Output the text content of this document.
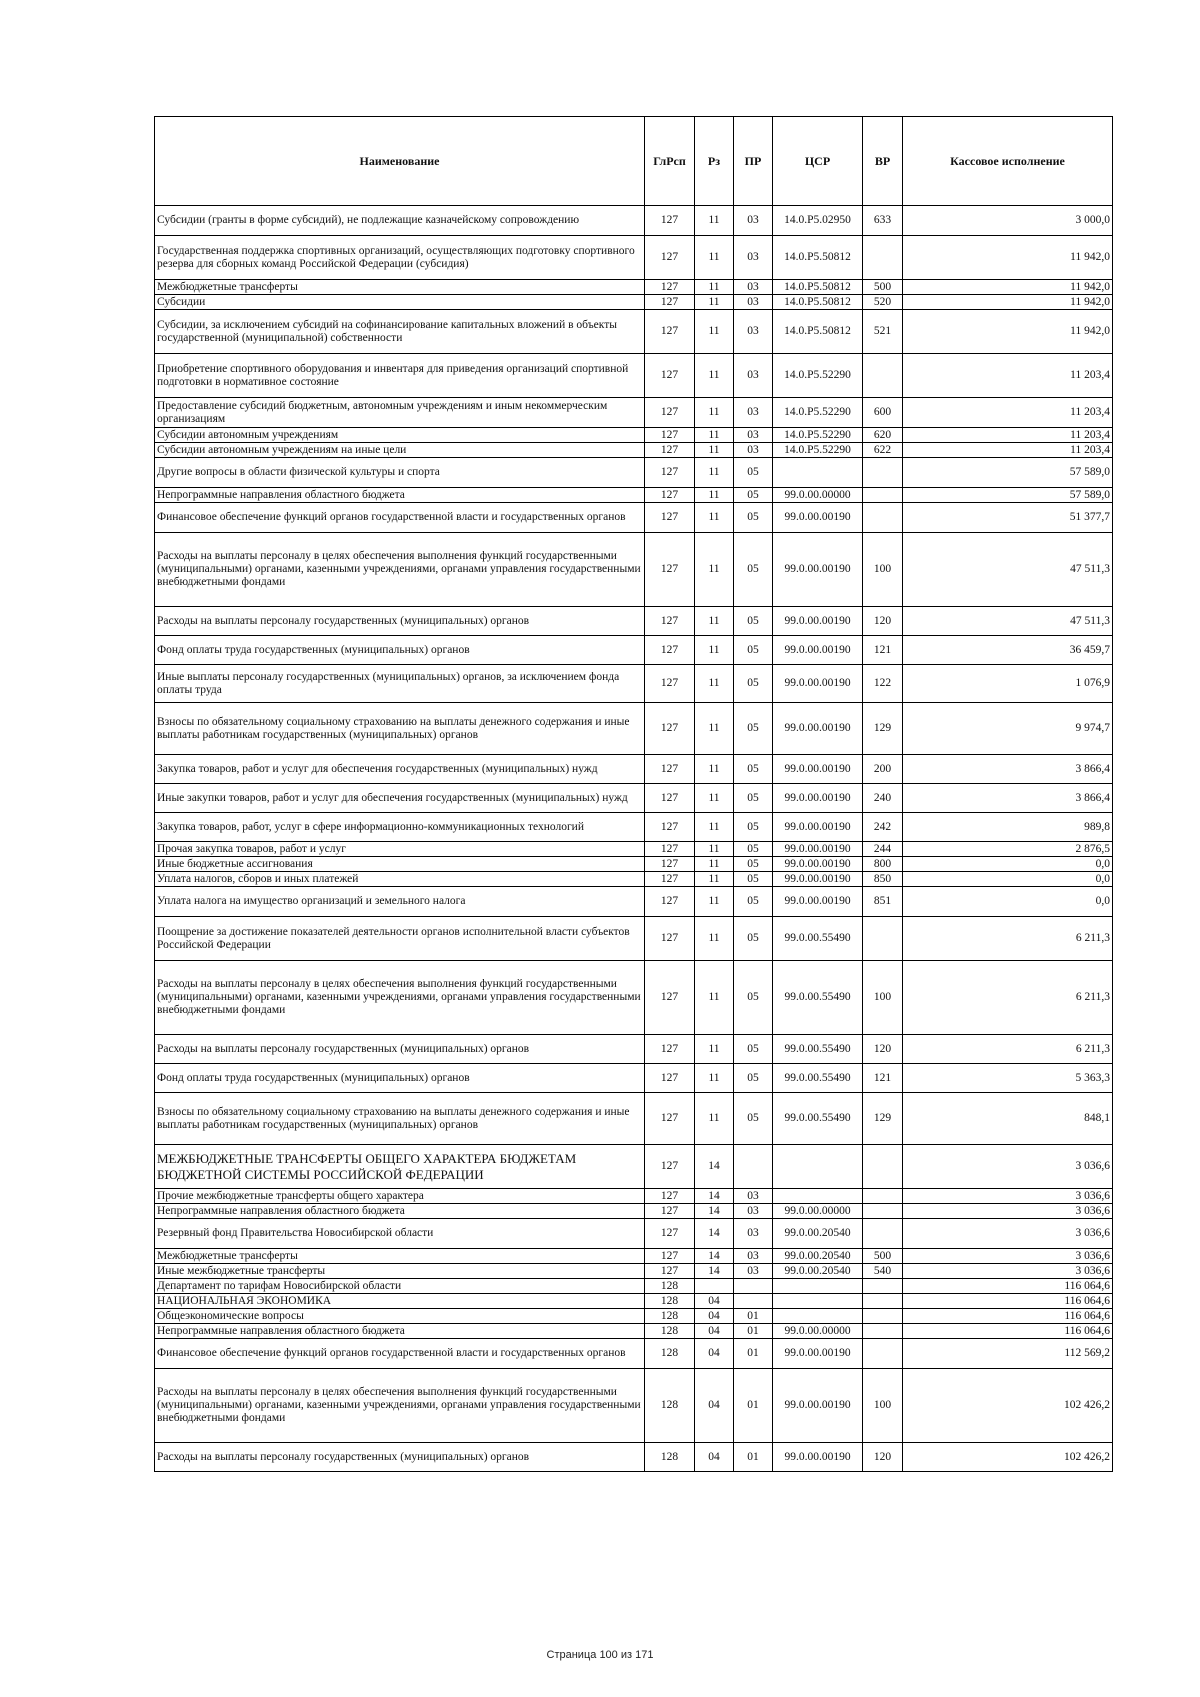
Наименование	ГлРсп	Рз	ПР	ЦСР	ВР	Кассовое исполнение
Субсидии (гранты в форме субсидий), не подлежащие казначейскому сопровождению	127	11	03	14.0.P5.02950	633	3 000,0
Государственная поддержка спортивных организаций, осуществляющих подготовку спортивного резерва для сборных команд Российской Федерации (субсидия)	127	11	03	14.0.P5.50812		11 942,0
Межбюджетные трансферты	127	11	03	14.0.P5.50812	500	11 942,0
Субсидии	127	11	03	14.0.P5.50812	520	11 942,0
Субсидии, за исключением субсидий на софинансирование капитальных вложений в объекты государственной (муниципальной) собственности	127	11	03	14.0.P5.50812	521	11 942,0
Приобретение спортивного оборудования и инвентаря для приведения организаций спортивной подготовки в нормативное состояние	127	11	03	14.0.P5.52290		11 203,4
Предоставление субсидий бюджетным, автономным учреждениям и иным некоммерческим организациям	127	11	03	14.0.P5.52290	600	11 203,4
Субсидии автономным учреждениям	127	11	03	14.0.P5.52290	620	11 203,4
Субсидии автономным учреждениям на иные цели	127	11	03	14.0.P5.52290	622	11 203,4
Другие вопросы в области физической культуры и спорта	127	11	05			57 589,0
Непрограммные направления областного бюджета	127	11	05	99.0.00.00000		57 589,0
Финансовое обеспечение функций органов государственной власти и государственных органов	127	11	05	99.0.00.00190		51 377,7
Расходы на выплаты персоналу в целях обеспечения выполнения функций государственными (муниципальными) органами, казенными учреждениями, органами управления государственными внебюджетными фондами	127	11	05	99.0.00.00190	100	47 511,3
Расходы на выплаты персоналу государственных (муниципальных) органов	127	11	05	99.0.00.00190	120	47 511,3
Фонд оплаты труда государственных (муниципальных) органов	127	11	05	99.0.00.00190	121	36 459,7
Иные выплаты персоналу государственных (муниципальных) органов, за исключением фонда оплаты труда	127	11	05	99.0.00.00190	122	1 076,9
Взносы по обязательному социальному страхованию на выплаты денежного содержания и иные выплаты работникам государственных (муниципальных) органов	127	11	05	99.0.00.00190	129	9 974,7
Закупка товаров, работ и услуг для обеспечения государственных (муниципальных) нужд	127	11	05	99.0.00.00190	200	3 866,4
Иные закупки товаров, работ и услуг для обеспечения государственных (муниципальных) нужд	127	11	05	99.0.00.00190	240	3 866,4
Закупка товаров, работ, услуг в сфере информационно-коммуникационных технологий	127	11	05	99.0.00.00190	242	989,8
Прочая закупка товаров, работ и услуг	127	11	05	99.0.00.00190	244	2 876,5
Иные бюджетные ассигнования	127	11	05	99.0.00.00190	800	0,0
Уплата налогов, сборов и иных платежей	127	11	05	99.0.00.00190	850	0,0
Уплата налога на имущество организаций и земельного налога	127	11	05	99.0.00.00190	851	0,0
Поощрение за достижение показателей деятельности органов исполнительной власти субъектов Российской Федерации	127	11	05	99.0.00.55490		6 211,3
Расходы на выплаты персоналу в целях обеспечения выполнения функций государственными (муниципальными) органами, казенными учреждениями, органами управления государственными внебюджетными фондами	127	11	05	99.0.00.55490	100	6 211,3
Расходы на выплаты персоналу государственных (муниципальных) органов	127	11	05	99.0.00.55490	120	6 211,3
Фонд оплаты труда государственных (муниципальных) органов	127	11	05	99.0.00.55490	121	5 363,3
Взносы по обязательному социальному страхованию на выплаты денежного содержания и иные выплаты работникам государственных (муниципальных) органов	127	11	05	99.0.00.55490	129	848,1
МЕЖБЮДЖЕТНЫЕ ТРАНСФЕРТЫ ОБЩЕГО ХАРАКТЕРА БЮДЖЕТАМ БЮДЖЕТНОЙ СИСТЕМЫ РОССИЙСКОЙ ФЕДЕРАЦИИ	127	14				3 036,6
Прочие межбюджетные трансферты общего характера	127	14	03			3 036,6
Непрограммные направления областного бюджета	127	14	03	99.0.00.00000		3 036,6
Резервный фонд Правительства Новосибирской области	127	14	03	99.0.00.20540		3 036,6
Межбюджетные трансферты	127	14	03	99.0.00.20540	500	3 036,6
Иные межбюджетные трансферты	127	14	03	99.0.00.20540	540	3 036,6
Департамент по тарифам Новосибирской области	128					116 064,6
НАЦИОНАЛЬНАЯ ЭКОНОМИКА	128	04				116 064,6
Общеэкономические вопросы	128	04	01			116 064,6
Непрограммные направления областного бюджета	128	04	01	99.0.00.00000		116 064,6
Финансовое обеспечение функций органов государственной власти и государственных органов	128	04	01	99.0.00.00190		112 569,2
Расходы на выплаты персоналу в целях обеспечения выполнения функций государственными (муниципальными) органами, казенными учреждениями, органами управления государственными внебюджетными фондами	128	04	01	99.0.00.00190	100	102 426,2
Расходы на выплаты персоналу государственных (муниципальных) органов	128	04	01	99.0.00.00190	120	102 426,2
Страница 100 из 171
